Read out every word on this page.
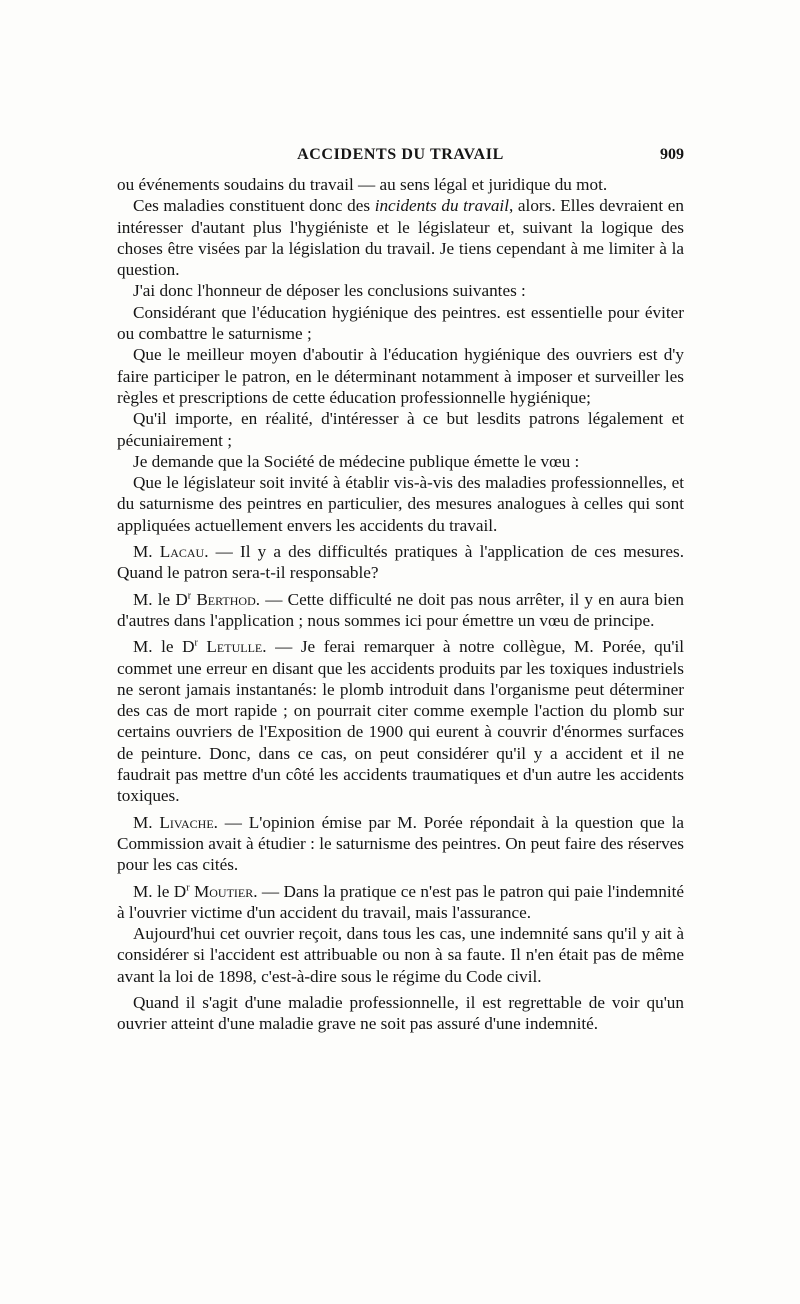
ACCIDENTS DU TRAVAIL	909

ou événements soudains du travail — au sens légal et juridique du mot.

Ces maladies constituent donc des incidents du travail, alors. Elles devraient en intéresser d'autant plus l'hygiéniste et le législateur et, suivant la logique des choses être visées par la législation du travail. Je tiens cependant à me limiter à la question.

J'ai donc l'honneur de déposer les conclusions suivantes :

Considérant que l'éducation hygiénique des peintres. est essentielle pour éviter ou combattre le saturnisme ;

Que le meilleur moyen d'aboutir à l'éducation hygiénique des ouvriers est d'y faire participer le patron, en le déterminant notamment à imposer et surveiller les règles et prescriptions de cette éducation professionnelle hygiénique;

Qu'il importe, en réalité, d'intéresser à ce but lesdits patrons légalement et pécuniairement ;

Je demande que la Société de médecine publique émette le vœu :

Que le législateur soit invité à établir vis-à-vis des maladies professionnelles, et du saturnisme des peintres en particulier, des mesures analogues à celles qui sont appliquées actuellement envers les accidents du travail.

M. Lacau. — Il y a des difficultés pratiques à l'application de ces mesures. Quand le patron sera-t-il responsable?

M. le $D^r$ Berthod. — Cette difficulté ne doit pas nous arrêter, il y en aura bien d'autres dans l'application ; nous sommes ici pour émettre un vœu de principe.

M. le $D^r$ Letulle. — Je ferai remarquer à notre collègue, M. Porée, qu'il commet une erreur en disant que les accidents produits par les toxiques industriels ne seront jamais instantanés: le plomb introduit dans l'organisme peut déterminer des cas de mort rapide ; on pourrait citer comme exemple l'action du plomb sur certains ouvriers de l'Exposition de 1900 qui eurent à couvrir d'énormes surfaces de peinture. Donc, dans ce cas, on peut considérer qu'il y a accident et il ne faudrait pas mettre d'un côté les accidents traumatiques et d'un autre les accidents toxiques.

M. Livache. — L'opinion émise par M. Porée répondait à la question que la Commission avait à étudier : le saturnisme des peintres. On peut faire des réserves pour les cas cités.

M. le $D^r$ Moutier. — Dans la pratique ce n'est pas le patron qui paie l'indemnité à l'ouvrier victime d'un accident du travail, mais l'assurance.

Aujourd'hui cet ouvrier reçoit, dans tous les cas, une indemnité sans qu'il y ait à considérer si l'accident est attribuable ou non à sa faute. Il n'en était pas de même avant la loi de 1898, c'est-à-dire sous le régime du Code civil.

Quand il s'agit d'une maladie professionnelle, il est regrettable de voir qu'un ouvrier atteint d'une maladie grave ne soit pas assuré d'une indemnité.
